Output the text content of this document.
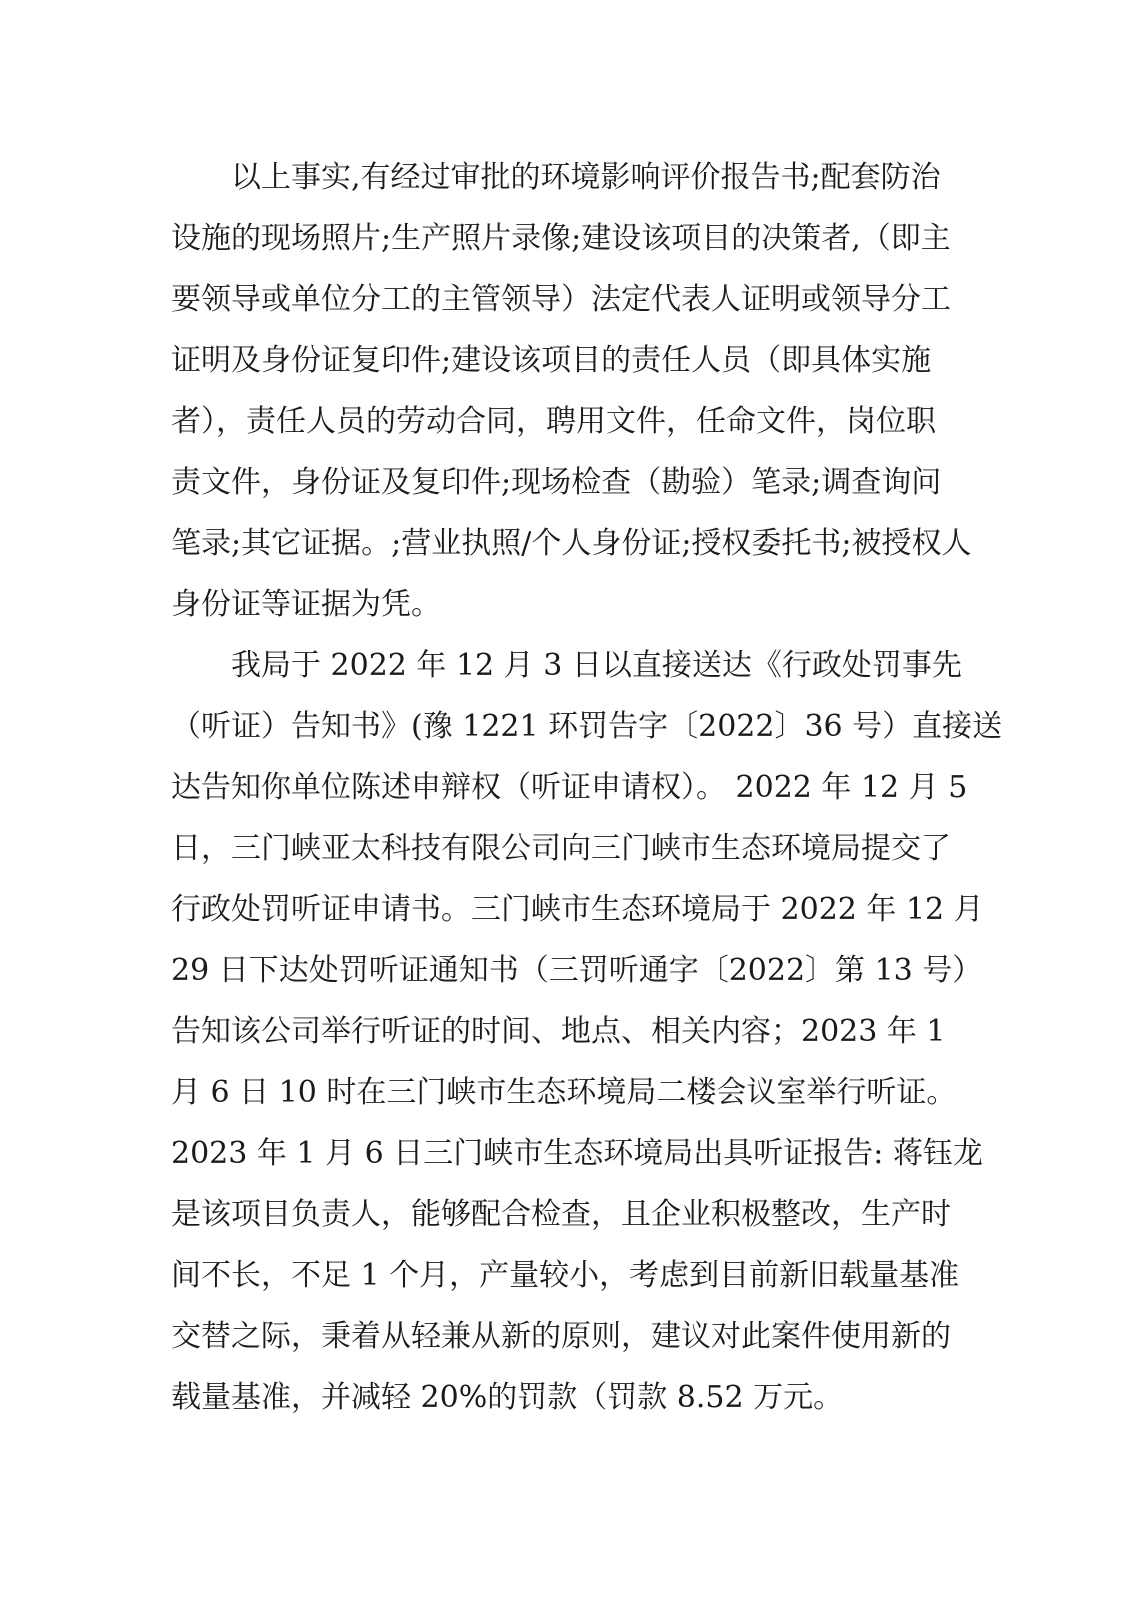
　　以上事实,有经过审批的环境影响评价报告书;配套防治
设施的现场照片;生产照片录像;建设该项目的决策者,（即主
要领导或单位分工的主管领导）法定代表人证明或领导分工
证明及身份证复印件;建设该项目的责任人员（即具体实施
者），责任人员的劳动合同，聘用文件，任命文件，岗位职
责文件，身份证及复印件;现场检查（勘验）笔录;调查询问
笔录;其它证据。;营业执照/个人身份证;授权委托书;被授权人
身份证等证据为凭。
　　我局于 2022 年 12 月 3 日以直接送达《行政处罚事先
（听证）告知书》(豫 1221 环罚告字〔2022〕36 号）直接送
达告知你单位陈述申辩权（听证申请权）。 2022 年 12 月 5
日，三门峡亚太科技有限公司向三门峡市生态环境局提交了
行政处罚听证申请书。三门峡市生态环境局于 2022 年 12 月
29 日下达处罚听证通知书（三罚听通字〔2022〕第 13 号）
告知该公司举行听证的时间、地点、相关内容；2023 年 1
月 6 日 10 时在三门峡市生态环境局二楼会议室举行听证。
2023 年 1 月 6 日三门峡市生态环境局出具听证报告: 蒋钰龙
是该项目负责人，能够配合检查，且企业积极整改，生产时
间不长，不足 1 个月，产量较小，考虑到目前新旧载量基准
交替之际，秉着从轻兼从新的原则，建议对此案件使用新的
载量基准，并减轻 20%的罚款（罚款 8.52 万元。
